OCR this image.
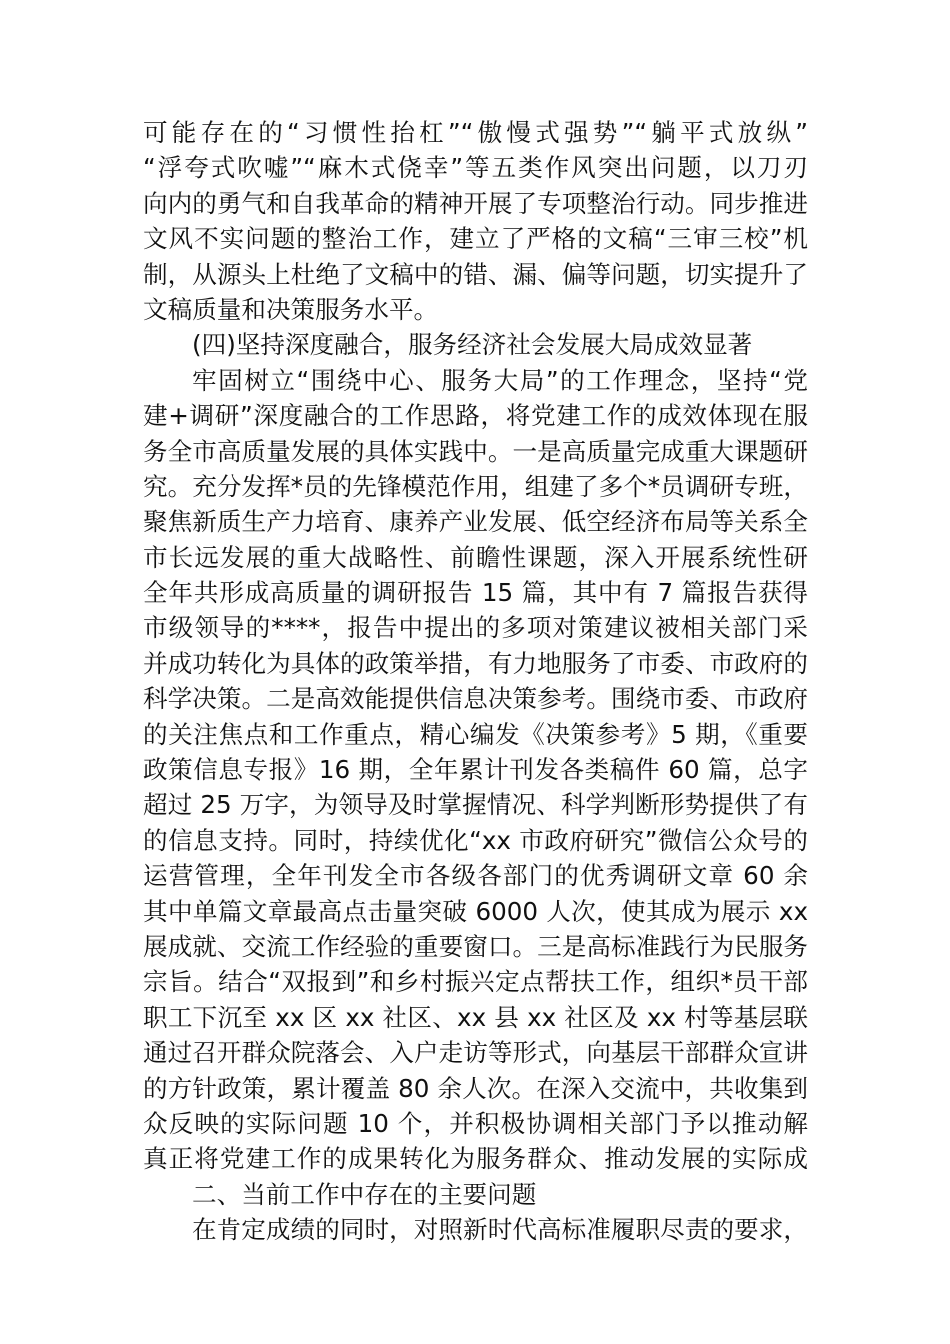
可能存在的“习惯性抬杠”“傲慢式强势”“躺平式放纵”
“浮夸式吹嘘”“麻木式侥幸”等五类作风突出问题，以刀刃
向内的勇气和自我革命的精神开展了专项整治行动。同步推进
文风不实问题的整治工作，建立了严格的文稿“三审三校”机
制，从源头上杜绝了文稿中的错、漏、偏等问题，切实提升了
文稿质量和决策服务水平。
(四)坚持深度融合，服务经济社会发展大局成效显著
牢固树立“围绕中心、服务大局”的工作理念，坚持“党
建+调研”深度融合的工作思路，将党建工作的成效体现在服
务全市高质量发展的具体实践中。一是高质量完成重大课题研
究。充分发挥*员的先锋模范作用，组建了多个*员调研专班，
聚焦新质生产力培育、康养产业发展、低空经济布局等关系全
市长远发展的重大战略性、前瞻性课题，深入开展系统性研
全年共形成高质量的调研报告 15 篇，其中有 7 篇报告获得
市级领导的****，报告中提出的多项对策建议被相关部门采
并成功转化为具体的政策举措，有力地服务了市委、市政府的
科学决策。二是高效能提供信息决策参考。围绕市委、市政府
的关注焦点和工作重点，精心编发《决策参考》5 期，《重要
政策信息专报》16 期，全年累计刊发各类稿件 60 篇，总字
超过 25 万字，为领导及时掌握情况、科学判断形势提供了有
的信息支持。同时，持续优化“xx 市政府研究”微信公众号的
运营管理，全年刊发全市各级各部门的优秀调研文章 60 余
其中单篇文章最高点击量突破 6000 人次，使其成为展示 xx
展成就、交流工作经验的重要窗口。三是高标准践行为民服务
宗旨。结合“双报到”和乡村振兴定点帮扶工作，组织*员干部
职工下沉至 xx 区 xx 社区、xx 县 xx 社区及 xx 村等基层联
通过召开群众院落会、入户走访等形式，向基层干部群众宣讲
的方针政策，累计覆盖 80 余人次。在深入交流中，共收集到
众反映的实际问题 10 个，并积极协调相关部门予以推动解
真正将党建工作的成果转化为服务群众、推动发展的实际成
二、当前工作中存在的主要问题
在肯定成绩的同时，对照新时代高标准履职尽责的要求，
